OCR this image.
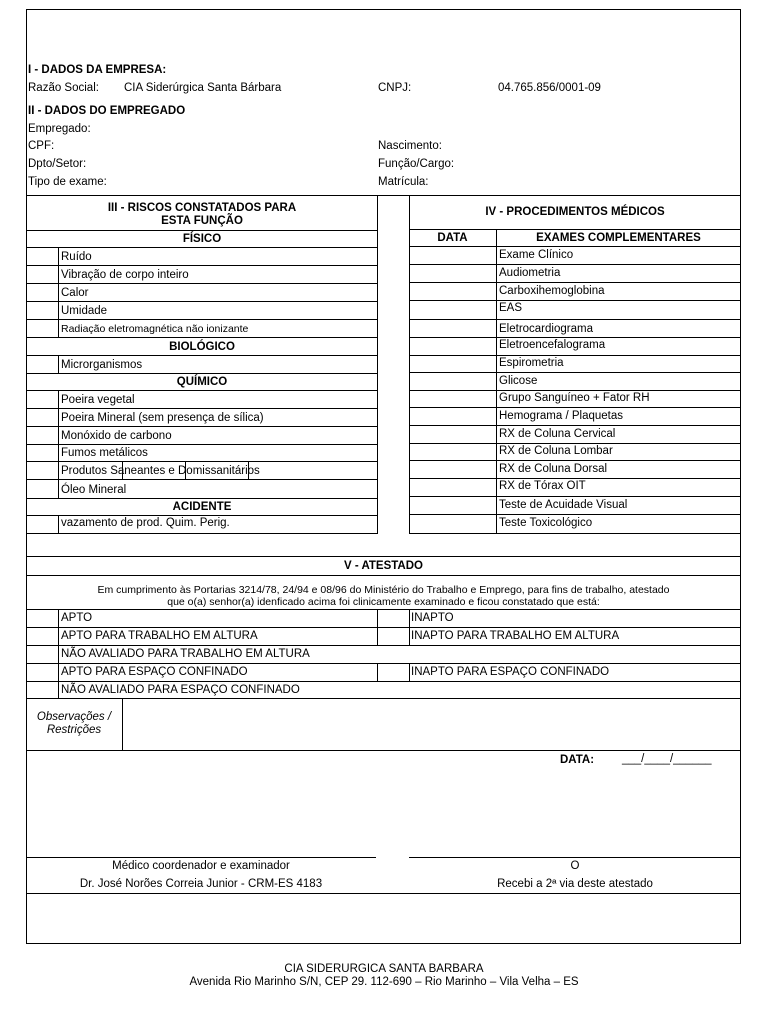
I - DADOS DA EMPRESA:
Razão Social: CIA Siderúrgica Santa Bárbara	CNPJ:	04.765.856/0001-09
II - DADOS DO EMPREGADO
Empregado:
CPF:	Nascimento:
Dpto/Setor:	Função/Cargo:
Tipo de exame:	Matrícula:
III - RISCOS CONSTATADOS PARA
ESTA FUNÇÃO
FÍSICO
Ruído
Vibração de corpo inteiro
Calor
Umidade
Radiação eletromagnética não ionizante
BIOLÓGICO
Microrganismos
QUÍMICO
Poeira vegetal
Poeira Mineral (sem presença de sílica)
Monóxido de carbono
Fumos metálicos
Produtos Saneantes e Domissanitários
Óleo Mineral
ACIDENTE
vazamento de prod. Quim. Perig.
IV - PROCEDIMENTOS MÉDICOS
DATA	EXAMES COMPLEMENTARES
Exame Clínico
Audiometria
Carboxihemoglobina
EAS
Eletrocardiograma
Eletroencefalograma
Espirometria
Glicose
Grupo Sanguíneo + Fator RH
Hemograma / Plaquetas
RX de Coluna Cervical
RX de Coluna Lombar
RX de Coluna Dorsal
RX de Tórax OIT
Teste de Acuidade Visual
Teste Toxicológico
V - ATESTADO
Em cumprimento às Portarias 3214/78, 24/94 e 08/96 do Ministério do Trabalho e Emprego, para fins de trabalho, atestado
que o(a) senhor(a) idenficado acima foi clinicamente examinado e ficou constatado que está:
APTO	INAPTO
APTO PARA TRABALHO EM ALTURA	INAPTO PARA TRABALHO EM ALTURA
NÃO AVALIADO PARA TRABALHO EM ALTURA
APTO PARA ESPAÇO CONFINADO	INAPTO PARA ESPAÇO CONFINADO
NÃO AVALIADO PARA ESPAÇO CONFINADO
Observações /
Restrições
DATA: ___/____/______
Médico coordenador e examinador	O
Dr. José Norões Correia Junior - CRM-ES 4183	Recebi a 2ª via deste atestado
CIA SIDERURGICA SANTA BARBARA
Avenida Rio Marinho S/N, CEP 29. 112-690 – Rio Marinho – Vila Velha – ES
